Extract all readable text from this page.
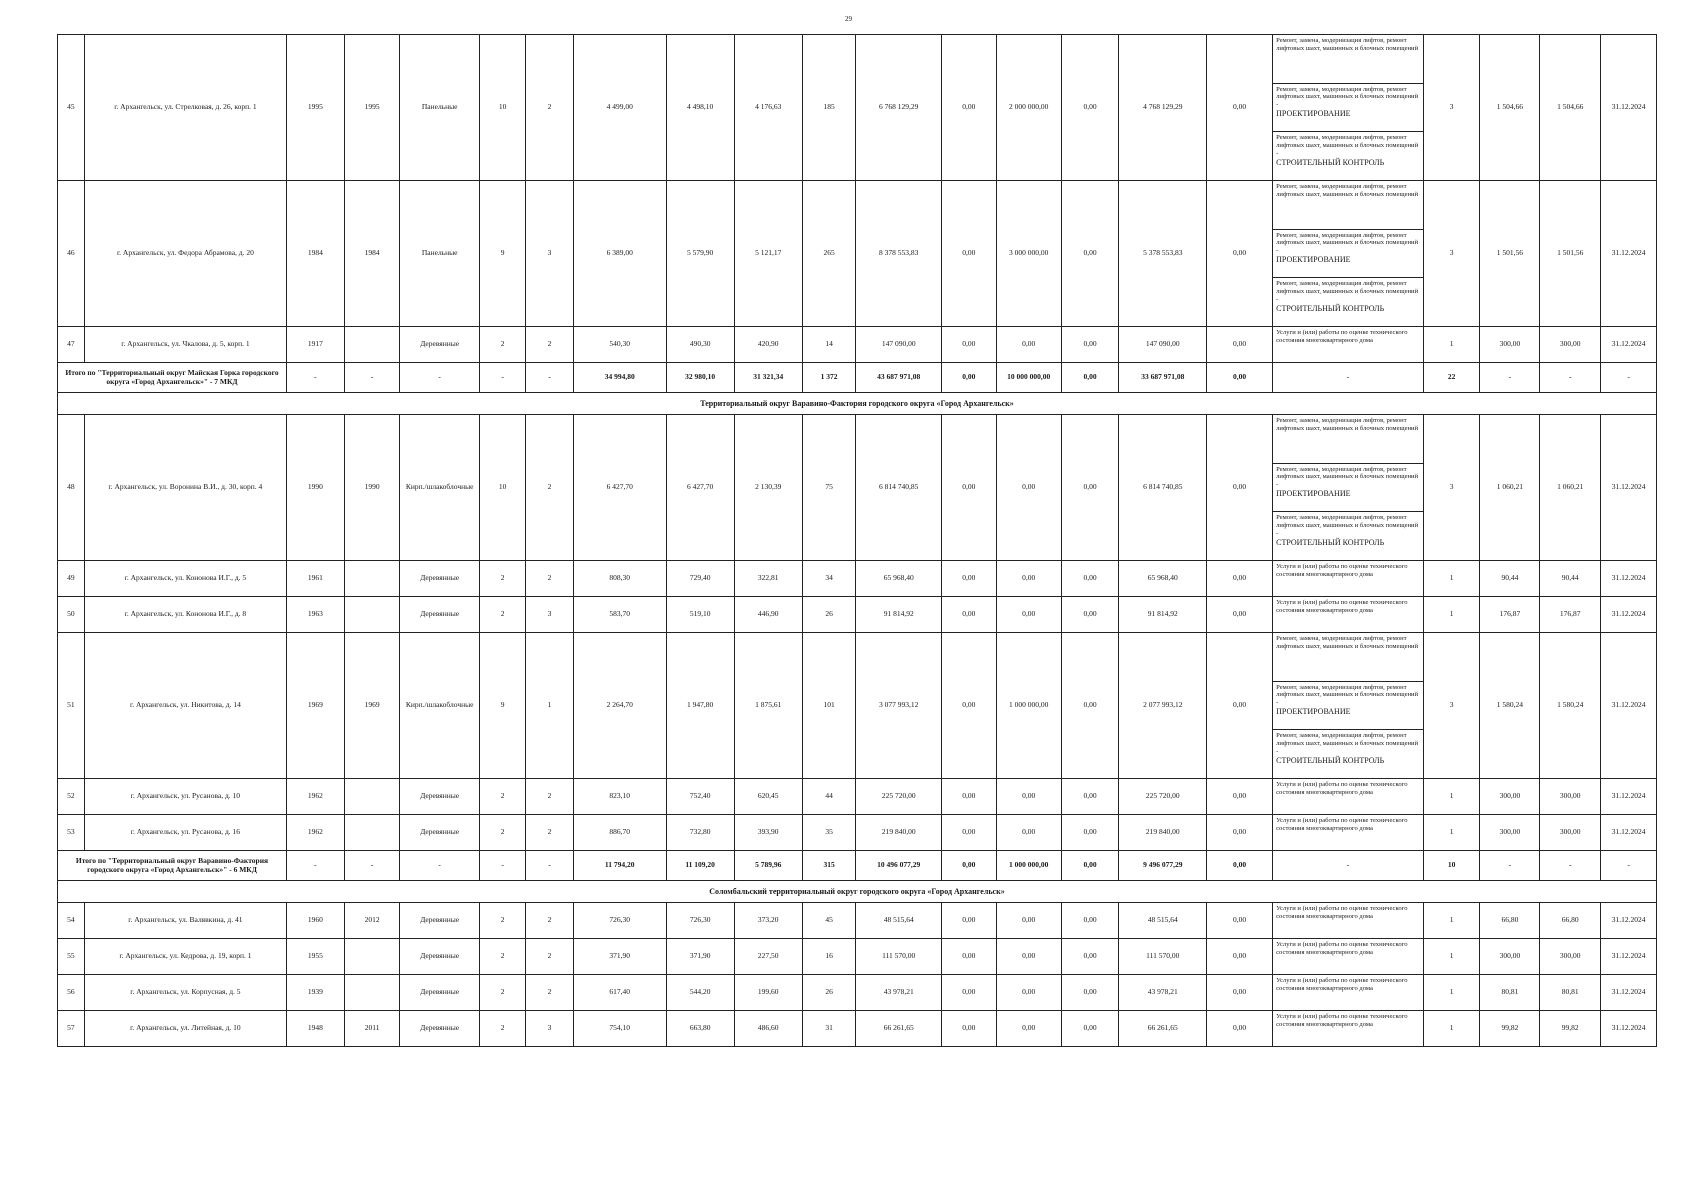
29
45	г. Архангельск, ул. Стрелковая, д. 26, корп. 1	1995	1995	Панельные	10	2	4 499,00	4 498,10	4 176,63	185	6 768 129,29	0,00	2 000 000,00	0,00	4 768 129,29	0,00	Ремонт, замена, модернизация лифтов, ремонт лифтовых шахт, машинных и блочных помещений
Ремонт, замена, модернизация лифтов, ремонт лифтовых шахт, машинных и блочных помещений -
ПРОЕКТИРОВАНИЕ
Ремонт, замена, модернизация лифтов, ремонт лифтовых шахт, машинных и блочных помещений -
СТРОИТЕЛЬНЫЙ КОНТРОЛЬ	3	1 504,66	1 504,66	31.12.2024
46	г. Архангельск, ул. Федора Абрамова, д. 20	1984	1984	Панельные	9	3	6 389,00	5 579,90	5 121,17	265	8 378 553,83	0,00	3 000 000,00	0,00	5 378 553,83	0,00	Ремонт, замена, модернизация лифтов, ремонт лифтовых шахт, машинных и блочных помещений
Ремонт, замена, модернизация лифтов, ремонт лифтовых шахт, машинных и блочных помещений -
ПРОЕКТИРОВАНИЕ
Ремонт, замена, модернизация лифтов, ремонт лифтовых шахт, машинных и блочных помещений -
СТРОИТЕЛЬНЫЙ КОНТРОЛЬ	3	1 501,56	1 501,56	31.12.2024
47	г. Архангельск, ул. Чкалова, д. 5, корп. 1	1917		Деревянные	2	2	540,30	490,30	420,90	14	147 090,00	0,00	0,00	0,00	147 090,00	0,00	Услуги и (или) работы по оценке технического состояния многоквартирного дома	1	300,00	300,00	31.12.2024
Итого по "Территориальный округ Майская Горка городского округа «Город Архангельск»" - 7 МКД		-	-	-	-	-	34 994,80	32 980,10	31 321,34	1 372	43 687 971,08	0,00	10 000 000,00	0,00	33 687 971,08	0,00	-	22	-	-	-
Территориальный округ Варавино-Фактория городского округа «Город Архангельск»																					
48	г. Архангельск, ул. Воронина В.И., д. 30, корп. 4	1990	1990	Кирп./шлакоблочные	10	2	6 427,70	6 427,70	2 130,39	75	6 814 740,85	0,00	0,00	0,00	6 814 740,85	0,00	Ремонт, замена, модернизация лифтов, ремонт лифтовых шахт, машинных и блочных помещений
Ремонт, замена, модернизация лифтов, ремонт лифтовых шахт, машинных и блочных помещений -
ПРОЕКТИРОВАНИЕ
Ремонт, замена, модернизация лифтов, ремонт лифтовых шахт, машинных и блочных помещений -
СТРОИТЕЛЬНЫЙ КОНТРОЛЬ	3	1 060,21	1 060,21	31.12.2024
49	г. Архангельск, ул. Кононова И.Г., д. 5	1961		Деревянные	2	2	808,30	729,40	322,81	34	65 968,40	0,00	0,00	0,00	65 968,40	0,00	Услуги и (или) работы по оценке технического состояния многоквартирного дома	1	90,44	90,44	31.12.2024
50	г. Архангельск, ул. Кононова И.Г., д. 8	1963		Деревянные	2	3	583,70	519,10	446,90	26	91 814,92	0,00	0,00	0,00	91 814,92	0,00	Услуги и (или) работы по оценке технического состояния многоквартирного дома	1	176,87	176,87	31.12.2024
51	г. Архангельск, ул. Никитова, д. 14	1969	1969	Кирп./шлакоблочные	9	1	2 264,70	1 947,80	1 875,61	101	3 077 993,12	0,00	1 000 000,00	0,00	2 077 993,12	0,00	Ремонт, замена, модернизация лифтов, ремонт лифтовых шахт, машинных и блочных помещений
Ремонт, замена, модернизация лифтов, ремонт лифтовых шахт, машинных и блочных помещений -
ПРОЕКТИРОВАНИЕ
Ремонт, замена, модернизация лифтов, ремонт лифтовых шахт, машинных и блочных помещений -
СТРОИТЕЛЬНЫЙ КОНТРОЛЬ	3	1 580,24	1 580,24	31.12.2024
52	г. Архангельск, ул. Русанова, д. 10	1962		Деревянные	2	2	823,10	752,40	620,45	44	225 720,00	0,00	0,00	0,00	225 720,00	0,00	Услуги и (или) работы по оценке технического состояния многоквартирного дома	1	300,00	300,00	31.12.2024
53	г. Архангельск, ул. Русанова, д. 16	1962		Деревянные	2	2	886,70	732,80	393,90	35	219 840,00	0,00	0,00	0,00	219 840,00	0,00	Услуги и (или) работы по оценке технического состояния многоквартирного дома	1	300,00	300,00	31.12.2024
Итого по "Территориальный округ Варавино-Фактория городского округа «Город Архангельск»" - 6 МКД		-	-	-	-	-	11 794,20	11 109,20	5 789,96	315	10 496 077,29	0,00	1 000 000,00	0,00	9 496 077,29	0,00	-	10	-	-	-
Соломбальский территориальный округ городского округа «Город Архангельск»																					
54	г. Архангельск, ул. Валявкина, д. 41	1960	2012	Деревянные	2	2	726,30	726,30	373,20	45	48 515,64	0,00	0,00	0,00	48 515,64	0,00	Услуги и (или) работы по оценке технического состояния многоквартирного дома	1	66,80	66,80	31.12.2024
55	г. Архангельск, ул. Кедрова, д. 19, корп. 1	1955		Деревянные	2	2	371,90	371,90	227,50	16	111 570,00	0,00	0,00	0,00	111 570,00	0,00	Услуги и (или) работы по оценке технического состояния многоквартирного дома	1	300,00	300,00	31.12.2024
56	г. Архангельск, ул. Корпусная, д. 5	1939		Деревянные	2	2	617,40	544,20	199,60	26	43 978,21	0,00	0,00	0,00	43 978,21	0,00	Услуги и (или) работы по оценке технического состояния многоквартирного дома	1	80,81	80,81	31.12.2024
57	г. Архангельск, ул. Литейная, д. 10	1948	2011	Деревянные	2	3	754,10	663,80	486,60	31	66 261,65	0,00	0,00	0,00	66 261,65	0,00	Услуги и (или) работы по оценке технического состояния многоквартирного дома	1	99,82	99,82	31.12.2024
